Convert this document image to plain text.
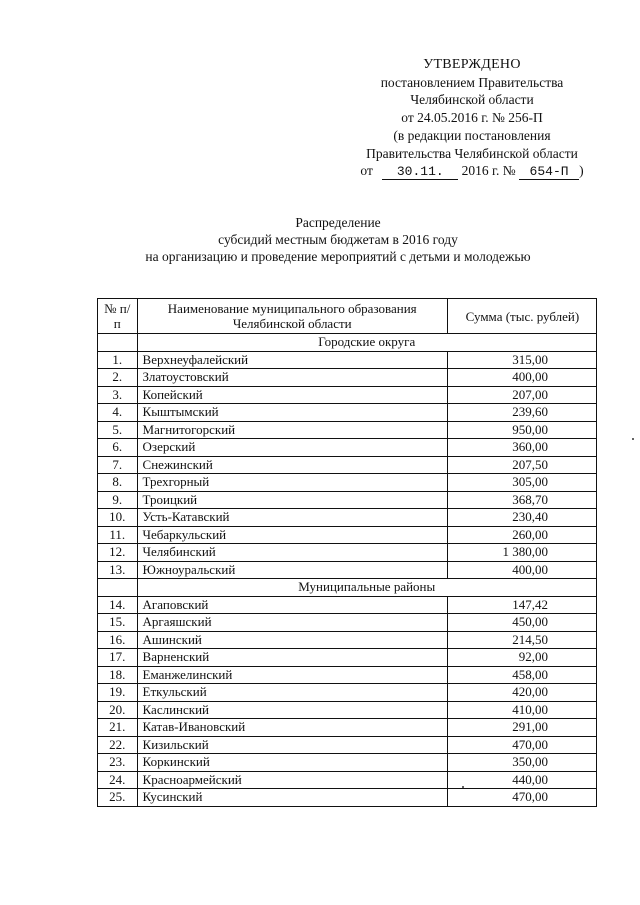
УТВЕРЖДЕНО
постановлением Правительства
Челябинской области
от 24.05.2016 г. № 256-П
(в редакции постановления
Правительства Челябинской области
от 30.11. 2016 г. № 654-П )
Распределение
субсидий местным бюджетам в 2016 году
на организацию и проведение мероприятий с детьми и молодежью
№ п/п	Наименование муниципального образования Челябинской области	Сумма (тыс. рублей)
	Городские округа	
1.	Верхнеуфалейский	315,00
2.	Златоустовский	400,00
3.	Копейский	207,00
4.	Кыштымский	239,60
5.	Магнитогорский	950,00
6.	Озерский	360,00
7.	Снежинский	207,50
8.	Трехгорный	305,00
9.	Троицкий	368,70
10.	Усть-Катавский	230,40
11.	Чебаркульский	260,00
12.	Челябинский	1 380,00
13.	Южноуральский	400,00
	Муниципальные районы	
14.	Агаповский	147,42
15.	Аргаяшский	450,00
16.	Ашинский	214,50
17.	Варненский	92,00
18.	Еманжелинский	458,00
19.	Еткульский	420,00
20.	Каслинский	410,00
21.	Катав-Ивановский	291,00
22.	Кизильский	470,00
23.	Коркинский	350,00
24.	Красноармейский	440,00
25.	Кусинский	470,00
